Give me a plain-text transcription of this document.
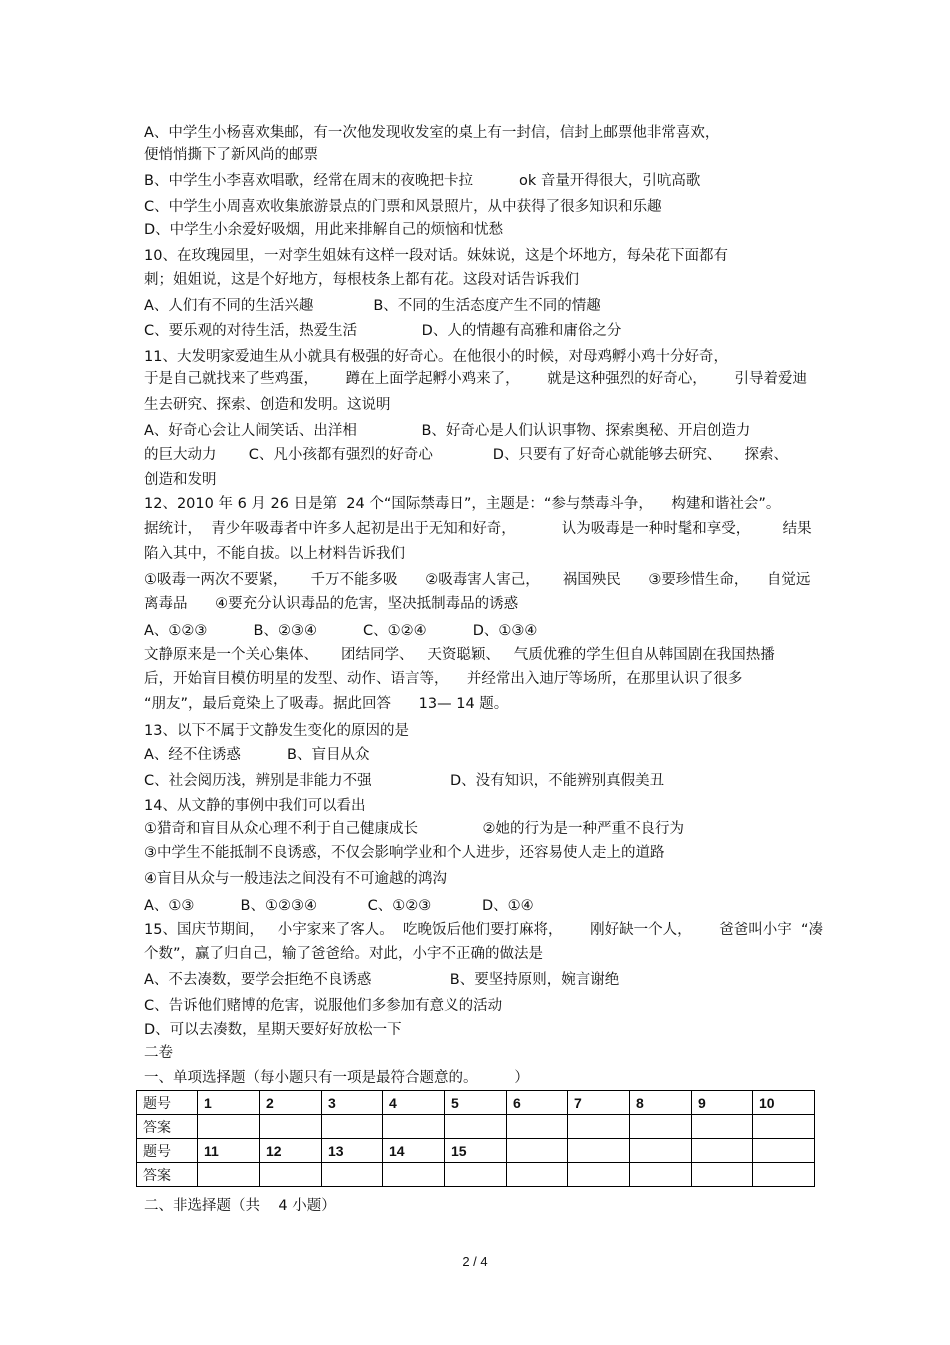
A、中学生小杨喜欢集邮，有一次他发现收发室的桌上有一封信，信封上邮票他非常喜欢，
便悄悄撕下了新风尚的邮票
B、中学生小李喜欢唱歌，经常在周末的夜晚把卡拉          ok 音量开得很大，引吭高歌
C、中学生小周喜欢收集旅游景点的门票和风景照片，从中获得了很多知识和乐趣
D、中学生小余爱好吸烟，用此来排解自己的烦恼和忧愁
10、在玫瑰园里，一对孪生姐妹有这样一段对话。妹妹说，这是个坏地方，每朵花下面都有
刺；姐姐说，这是个好地方，每根枝条上都有花。这段对话告诉我们
A、人们有不同的生活兴趣             B、不同的生活态度产生不同的情趣
C、要乐观的对待生活，热爱生活              D、人的情趣有高雅和庸俗之分
11、大发明家爱迪生从小就具有极强的好奇心。在他很小的时候，对母鸡孵小鸡十分好奇，
于是自己就找来了些鸡蛋，      蹲在上面学起孵小鸡来了，      就是这种强烈的好奇心，      引导着爱迪
生去研究、探索、创造和发明。这说明
A、好奇心会让人闹笑话、出洋相              B、好奇心是人们认识事物、探索奥秘、开启创造力
的巨大动力       C、凡小孩都有强烈的好奇心             D、只要有了好奇心就能够去研究、     探索、
创造和发明
12、2010 年 6 月 26 日是第  24 个“国际禁毒日”，主题是：“参与禁毒斗争，    构建和谐社会”。
据统计，  青少年吸毒者中许多人起初是出于无知和好奇，          认为吸毒是一种时髦和享受，       结果
陷入其中，不能自拔。以上材料告诉我们
①吸毒一两次不要紧，     千万不能多吸      ②吸毒害人害己，     祸国殃民      ③要珍惜生命，    自觉远
离毒品      ④要充分认识毒品的危害，坚决抵制毒品的诱惑
A、①②③          B、②③④          C、①②④          D、①③④
文静原来是一个关心集体、     团结同学、   天资聪颖、   气质优雅的学生但自从韩国剧在我国热播
后，开始盲目模仿明星的发型、动作、语言等，    并经常出入迪厅等场所，在那里认识了很多
“朋友”，最后竟染上了吸毒。据此回答      13— 14 题。
13、以下不属于文静发生变化的原因的是
A、经不住诱惑          B、盲目从众
C、社会阅历浅，辨别是非能力不强                 D、没有知识，不能辨别真假美丑
14、从文静的事例中我们可以看出
①猎奇和盲目从众心理不利于自己健康成长              ②她的行为是一种严重不良行为
③中学生不能抵制不良诱惑，不仅会影响学业和个人进步，还容易使人走上的道路
④盲目从众与一般违法之间没有不可逾越的鸿沟
A、①③          B、①②③④           C、①②③           D、①④
15、国庆节期间，   小宇家来了客人。  吃晚饭后他们要打麻将，      刚好缺一个人，      爸爸叫小宇  “凑
个数”，赢了归自己，输了爸爸给。对此，小宇不正确的做法是
A、不去凑数，要学会拒绝不良诱惑                 B、要坚持原则，婉言谢绝
C、告诉他们赌博的危害，说服他们多参加有意义的活动
D、可以去凑数，星期天要好好放松一下
二卷
一、单项选择题（每小题只有一项是最符合题意的。        ）
题号	1	2	3	4	5	6	7	8	9	10
答案										
题号	11	12	13	14	15					
答案										
二、非选择题（共    4 小题）
2 / 4
